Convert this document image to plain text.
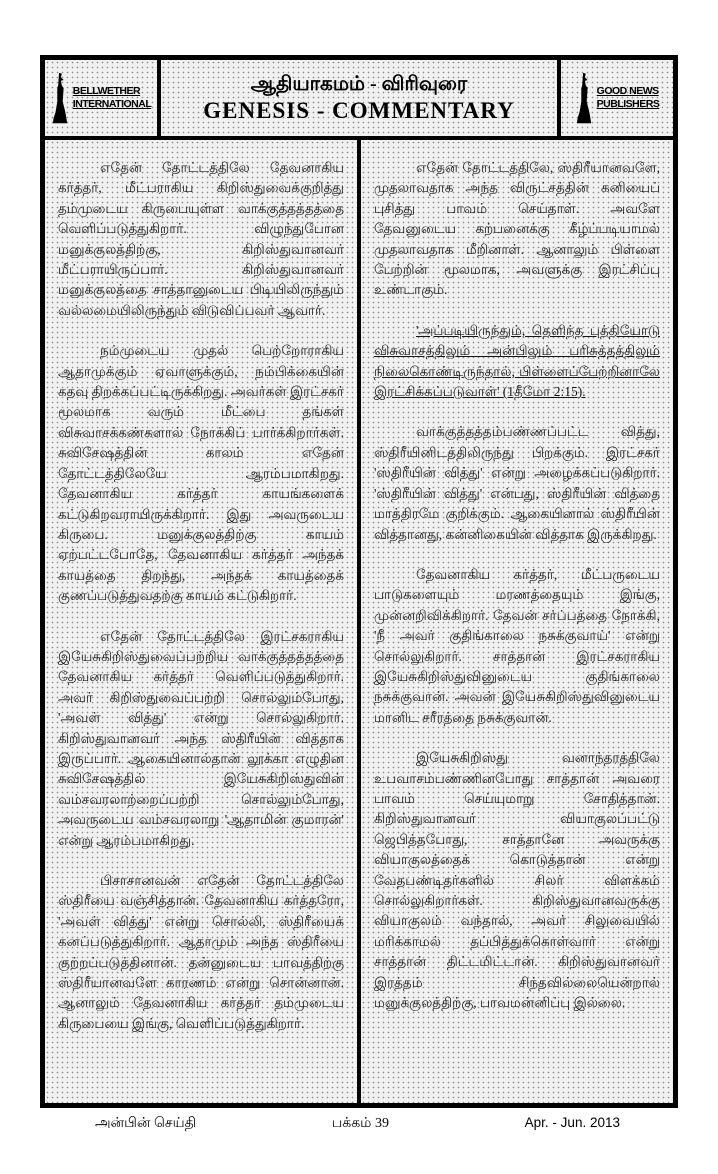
BELLWETHER
INTERNATIONAL
ஆதியாகமம் - விரிவுரை
GENESIS - COMMENTARY
GOOD NEWS
PUBLISHERS

எதேன் தோட்டத்திலே தேவனாகிய கர்த்தர், மீட்பராகிய கிறிஸ்துவைக்குறித்து தம்முடைய கிருபையுள்ள வாக்குத்தத்தத்தை வெளிப்படுத்துகிறார். விழுந்துபோன மனுக்குலத்திற்கு, கிறிஸ்துவானவர் மீட்பராயிருப்பார். கிறிஸ்துவானவர் மனுக்குலத்தை சாத்தானுடைய பிடியிலிருந்தும் வல்லமையிலிருந்தும் விடுவிப்பவர் ஆவார்.

நம்முடைய முதல் பெற்றோராகிய ஆதாமுக்கும் ஏவாளுக்கும், நம்பிக்கையின் கதவு திறக்கப்பட்டிருக்கிறது. அவர்கள் இரட்சகர் மூலமாக வரும் மீட்பை தங்கள் விசுவாசக்கண்களால் நோக்கிப் பார்க்கிறார்கள். சுவிசேஷத்தின் காலம் எதேன் தோட்டத்திலேயே ஆரம்பமாகிறது. தேவனாகிய கர்த்தர் காயங்களைக் கட்டுகிறவராயிருக்கிறார். இது அவருடைய கிருபை. மனுக்குலத்திற்கு காயம் ஏற்பட்டபோதே, தேவனாகிய கர்த்தர் அந்தக் காயத்தை திறந்து, அந்தக் காயத்தைக் குணப்படுத்துவதற்கு காயம் கட்டுகிறார்.

எதேன் தோட்டத்திலே இரட்சகராகிய இயேசுகிறிஸ்துவைப்பற்றிய வாக்குத்தத்தத்தை தேவனாகிய கர்த்தர் வெளிப்படுத்துகிறார். அவர் கிறிஸ்துவைப்பற்றி சொல்லும்போது, 'அவள் வித்து' என்று சொல்லுகிறார். கிறிஸ்துவானவர் அந்த ஸ்திரீயின் வித்தாக இருப்பார். ஆகையினால்தான் லூக்கா எழுதின சுவிசேஷத்தில் இயேசுகிறிஸ்துவின் வம்சவரலாற்றைப்பற்றி சொல்லும்போது, அவருடைய வம்சவரலாறு 'ஆதாமின் குமாரன்' என்று ஆரம்பமாகிறது.

பிசாசானவன் எதேன் தோட்டத்திலே ஸ்திரீயை வஞ்சித்தான். தேவனாகிய கர்த்தரோ, 'அவள் வித்து' என்று சொல்லி, ஸ்திரீயைக் கனப்படுத்துகிறார். ஆதாமும் அந்த ஸ்திரீயை குற்றப்படுத்தினான். தன்னுடைய பாவத்திற்கு ஸ்திரீயானவளே காரணம் என்று சொன்னான். ஆனாலும் தேவனாகிய கர்த்தர் தம்முடைய கிருபையை இங்கு, வெளிப்படுத்துகிறார்.

எதேன் தோட்டத்திலே, ஸ்திரீயானவளே, முதலாவதாக அந்த விருட்சத்தின் கனியைப் புசித்து பாவம் செய்தாள். அவளே தேவனுடைய கற்பனைக்கு கீழ்ப்படியாமல் முதலாவதாக மீறினாள். ஆனாலும் பிள்ளை பேற்றின் மூலமாக, அவளுக்கு இரட்சிப்பு உண்டாகும்.

'அப்படியிருந்தும், தெளிந்த புத்தியோடு விசுவாசத்திலும் அன்பிலும் பரிசுத்தத்திலும் நிலைகொண்டிருந்தால், பிள்ளைப்பேற்றினாலே இரட்சிக்கப்படுவாள்' (1தீமோ 2:15).

வாக்குத்தத்தம்பண்ணப்பட்ட வித்து, ஸ்திரீயினிடத்திலிருந்து பிறக்கும். இரட்சகர் 'ஸ்திரீயின் வித்து' என்று அழைக்கப்படுகிறார். 'ஸ்திரீயின் வித்து' என்பது, ஸ்திரீயின் வித்தை மாத்திரமே குறிக்கும். ஆகையினால் ஸ்திரீயின் வித்தானது, கன்னிகையின் வித்தாக இருக்கிறது.

தேவனாகிய கர்த்தர், மீட்பருடைய பாடுகளையும் மரணத்தையும் இங்கு, முன்னறிவிக்கிறார். தேவன் சர்ப்பத்தை நோக்கி, 'நீ அவர் குதிங்காலை நசுக்குவாய்' என்று சொல்லுகிறார். சாத்தான் இரட்சகராகிய இயேசுகிறிஸ்துவினுடைய குதிங்காலை நசுக்குவான். அவன் இயேசுகிறிஸ்துவினுடைய மானிட சரீரத்தை நசுக்குவான்.

இயேசுகிறிஸ்து வனாந்தரத்திலே உபவாசம்பண்ணினபோது சாத்தான் அவரை பாவம் செய்யுமாறு சோதித்தான். கிறிஸ்துவானவர் வியாகுலப்பட்டு ஜெபித்தபோது, சாத்தானே அவருக்கு வியாகுலத்தைக் கொடுத்தான் என்று வேதபண்டிதர்களில் சிலர் விளக்கம் சொல்லுகிறார்கள். கிறிஸ்துவானவருக்கு வியாகுலம் வந்தால், அவர் சிலுவையில் மரிக்காமல் தப்பித்துக்கொள்வார் என்று சாத்தான் திட்டமிட்டான். கிறிஸ்துவானவர் இரத்தம் சிந்தவில்லையென்றால் மனுக்குலத்திற்கு, பாவமன்னிப்பு இல்லை.

அன்பின் செய்தி	பக்கம் 39	Apr. - Jun. 2013
